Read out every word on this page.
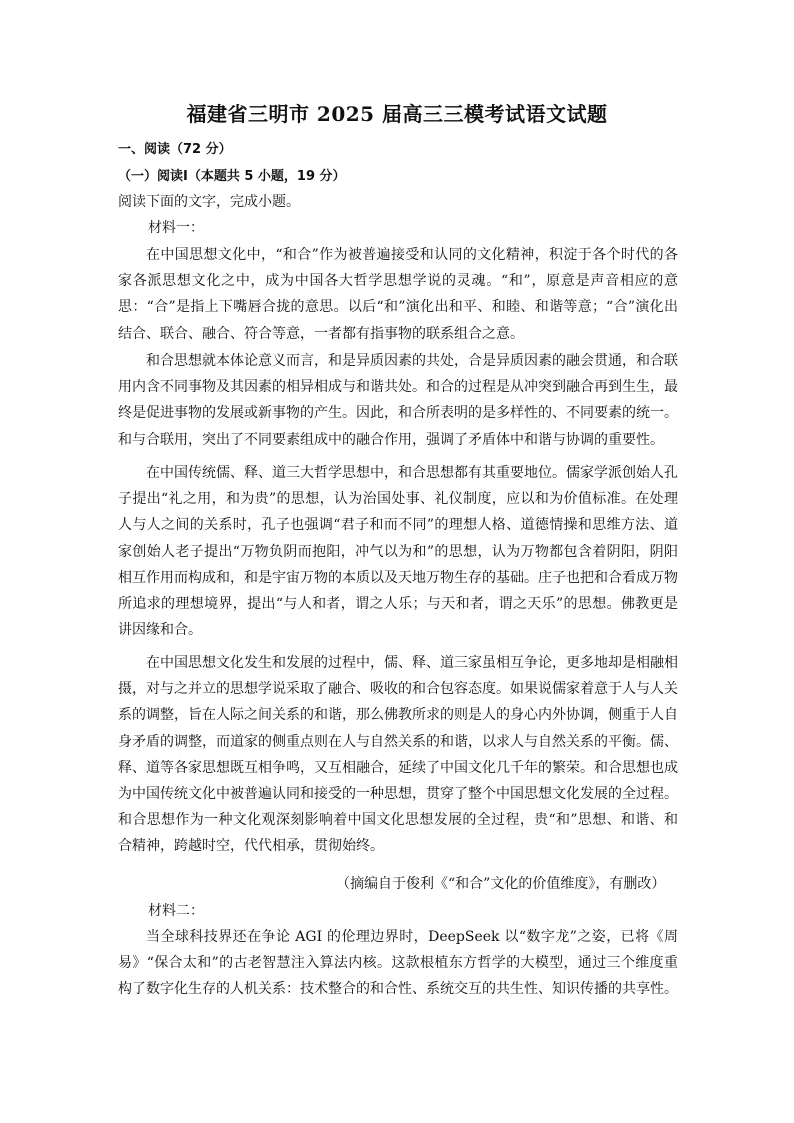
福建省三明市 2025 届高三三模考试语文试题
一、阅读（72 分）
（一）阅读Ⅰ（本题共 5 小题，19 分）
阅读下面的文字，完成小题。
材料一：

在中国思想文化中，“和合”作为被普遍接受和认同的文化精神，积淀于各个时代的各家各派思想文化之中，成为中国各大哲学思想学说的灵魂。“和”，原意是声音相应的意思：“合”是指上下嘴唇合拢的意思。以后“和”演化出和平、和睦、和谐等意；“合”演化出结合、联合、融合、符合等意，一者都有指事物的联系组合之意。

和合思想就本体论意义而言，和是异质因素的共处，合是异质因素的融会贯通，和合联用内含不同事物及其因素的相异相成与和谐共处。和合的过程是从冲突到融合再到生生，最终是促进事物的发展或新事物的产生。因此，和合所表明的是多样性的、不同要素的统一。和与合联用，突出了不同要素组成中的融合作用，强调了矛盾体中和谐与协调的重要性。

在中国传统儒、释、道三大哲学思想中，和合思想都有其重要地位。儒家学派创始人孔子提出“礼之用，和为贵”的思想，认为治国处事、礼仪制度，应以和为价值标准。在处理人与人之间的关系时，孔子也强调“君子和而不同”的理想人格、道德情操和思维方法、道家创始人老子提出“万物负阴而抱阳，冲气以为和”的思想，认为万物都包含着阴阳，阴阳相互作用而构成和，和是宇宙万物的本质以及天地万物生存的基础。庄子也把和合看成万物所追求的理想境界，提出“与人和者，谓之人乐；与天和者，谓之天乐”的思想。佛教更是讲因缘和合。

在中国思想文化发生和发展的过程中，儒、释、道三家虽相互争论，更多地却是相融相摄，对与之并立的思想学说采取了融合、吸收的和合包容态度。如果说儒家着意于人与人关系的调整，旨在人际之间关系的和谐，那么佛教所求的则是人的身心内外协调，侧重于人自身矛盾的调整，而道家的侧重点则在人与自然关系的和谐，以求人与自然关系的平衡。儒、释、道等各家思想既互相争鸣，又互相融合，延续了中国文化几千年的繁荣。和合思想也成为中国传统文化中被普遍认同和接受的一种思想，贯穿了整个中国思想文化发展的全过程。和合思想作为一种文化观深刻影响着中国文化思想发展的全过程，贵“和”思想、和谐、和合精神，跨越时空，代代相承，贯彻始终。

（摘编自于俊利《“和合”文化的价值维度》，有删改）
材料二：

当全球科技界还在争论 AGI 的伦理边界时，DeepSeek 以“数字龙”之姿，已将《周易》“保合太和”的古老智慧注入算法内核。这款根植东方哲学的大模型，通过三个维度重构了数字化生存的人机关系：技术整合的和合性、系统交互的共生性、知识传播的共享性。
